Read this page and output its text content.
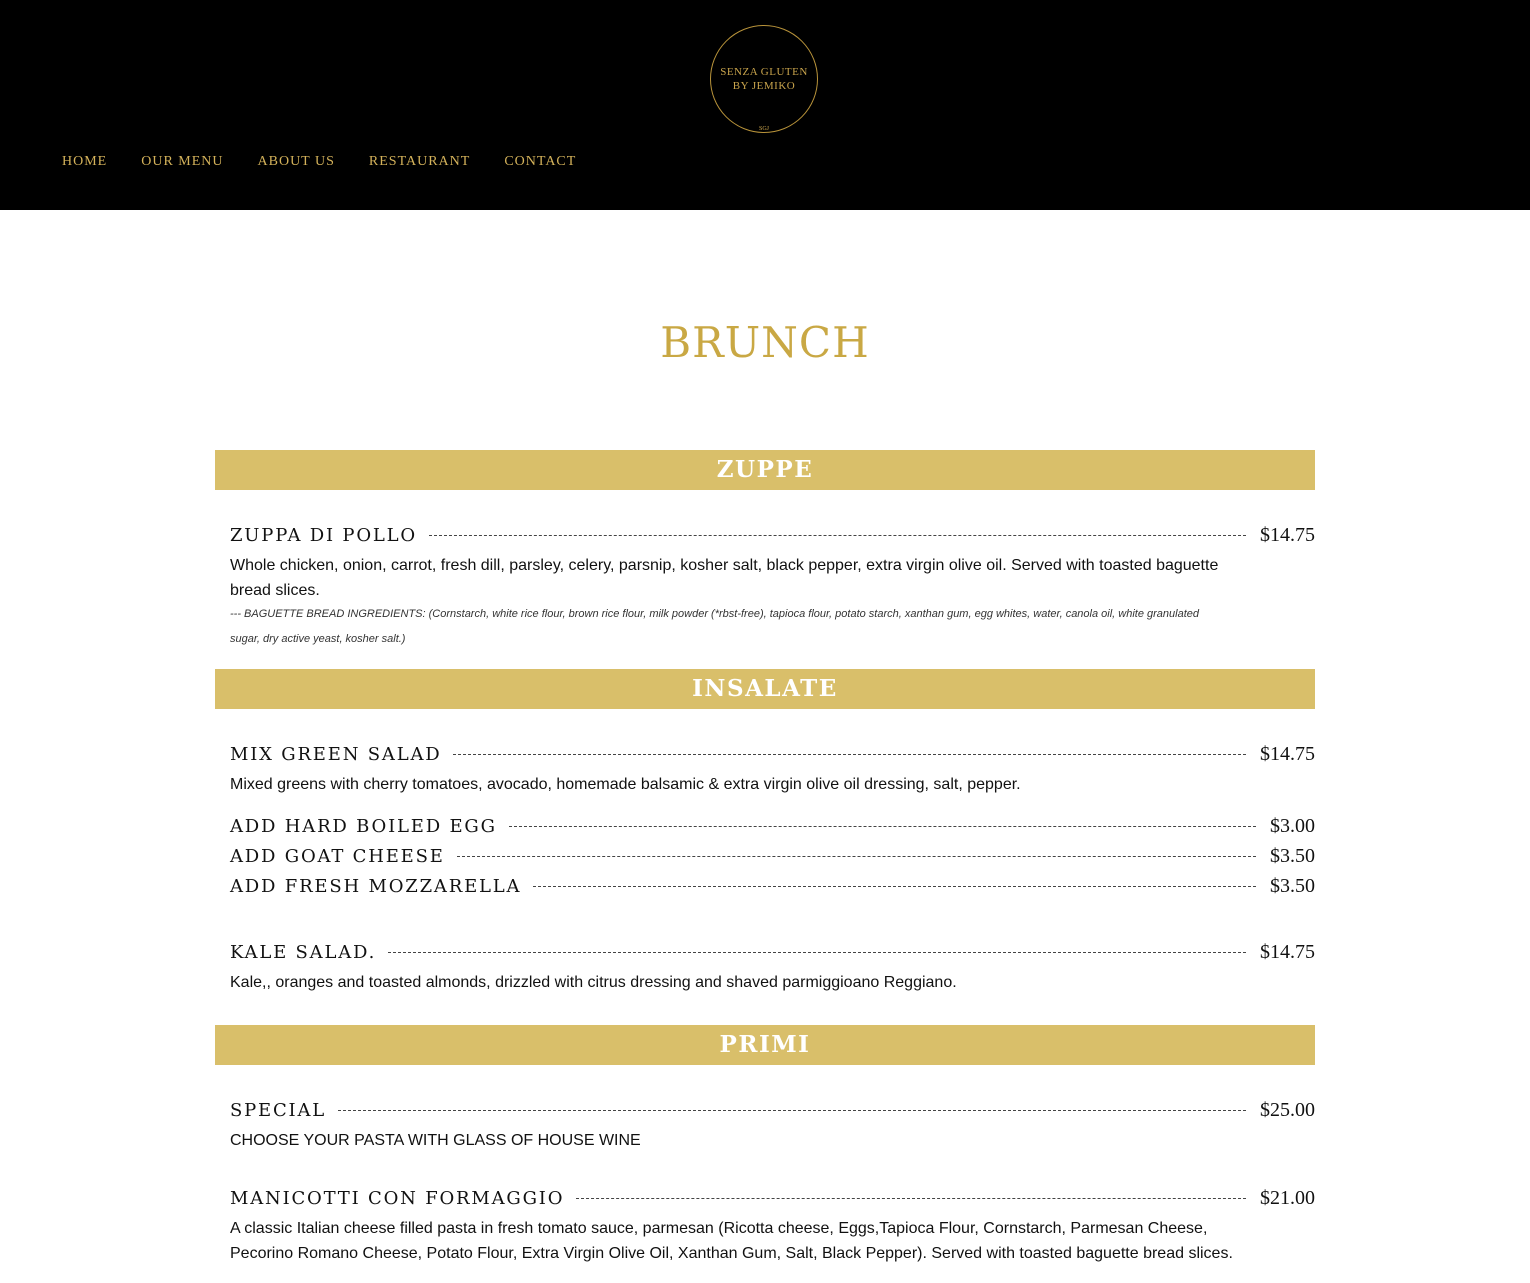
SENZA GLUTEN
BY JEMIKO
SGJ
HOME OUR MENU ABOUT US RESTAURANT CONTACT
BRUNCH
ZUPPE
ZUPPA DI POLLO	$14.75
Whole chicken, onion, carrot, fresh dill, parsley, celery, parsnip, kosher salt, black pepper, extra virgin olive oil. Served with toasted baguette bread slices.
--- BAGUETTE BREAD INGREDIENTS: (Cornstarch, white rice flour, brown rice flour, milk powder (*rbst-free), tapioca flour, potato starch, xanthan gum, egg whites, water, canola oil, white granulated sugar, dry active yeast, kosher salt.)
INSALATE
MIX GREEN SALAD	$14.75
Mixed greens with cherry tomatoes, avocado, homemade balsamic & extra virgin olive oil dressing, salt, pepper.
ADD HARD BOILED EGG	$3.00
ADD GOAT CHEESE	$3.50
ADD FRESH MOZZARELLA	$3.50
KALE SALAD.	$14.75
Kale,, oranges and toasted almonds, drizzled with citrus dressing and shaved parmiggioano Reggiano.
PRIMI
SPECIAL	$25.00
CHOOSE YOUR PASTA WITH GLASS OF HOUSE WINE
MANICOTTI CON FORMAGGIO	$21.00
A classic Italian cheese filled pasta in fresh tomato sauce, parmesan (Ricotta cheese, Eggs,Tapioca Flour, Cornstarch, Parmesan Cheese, Pecorino Romano Cheese, Potato Flour, Extra Virgin Olive Oil, Xanthan Gum, Salt, Black Pepper). Served with toasted baguette bread slices.
